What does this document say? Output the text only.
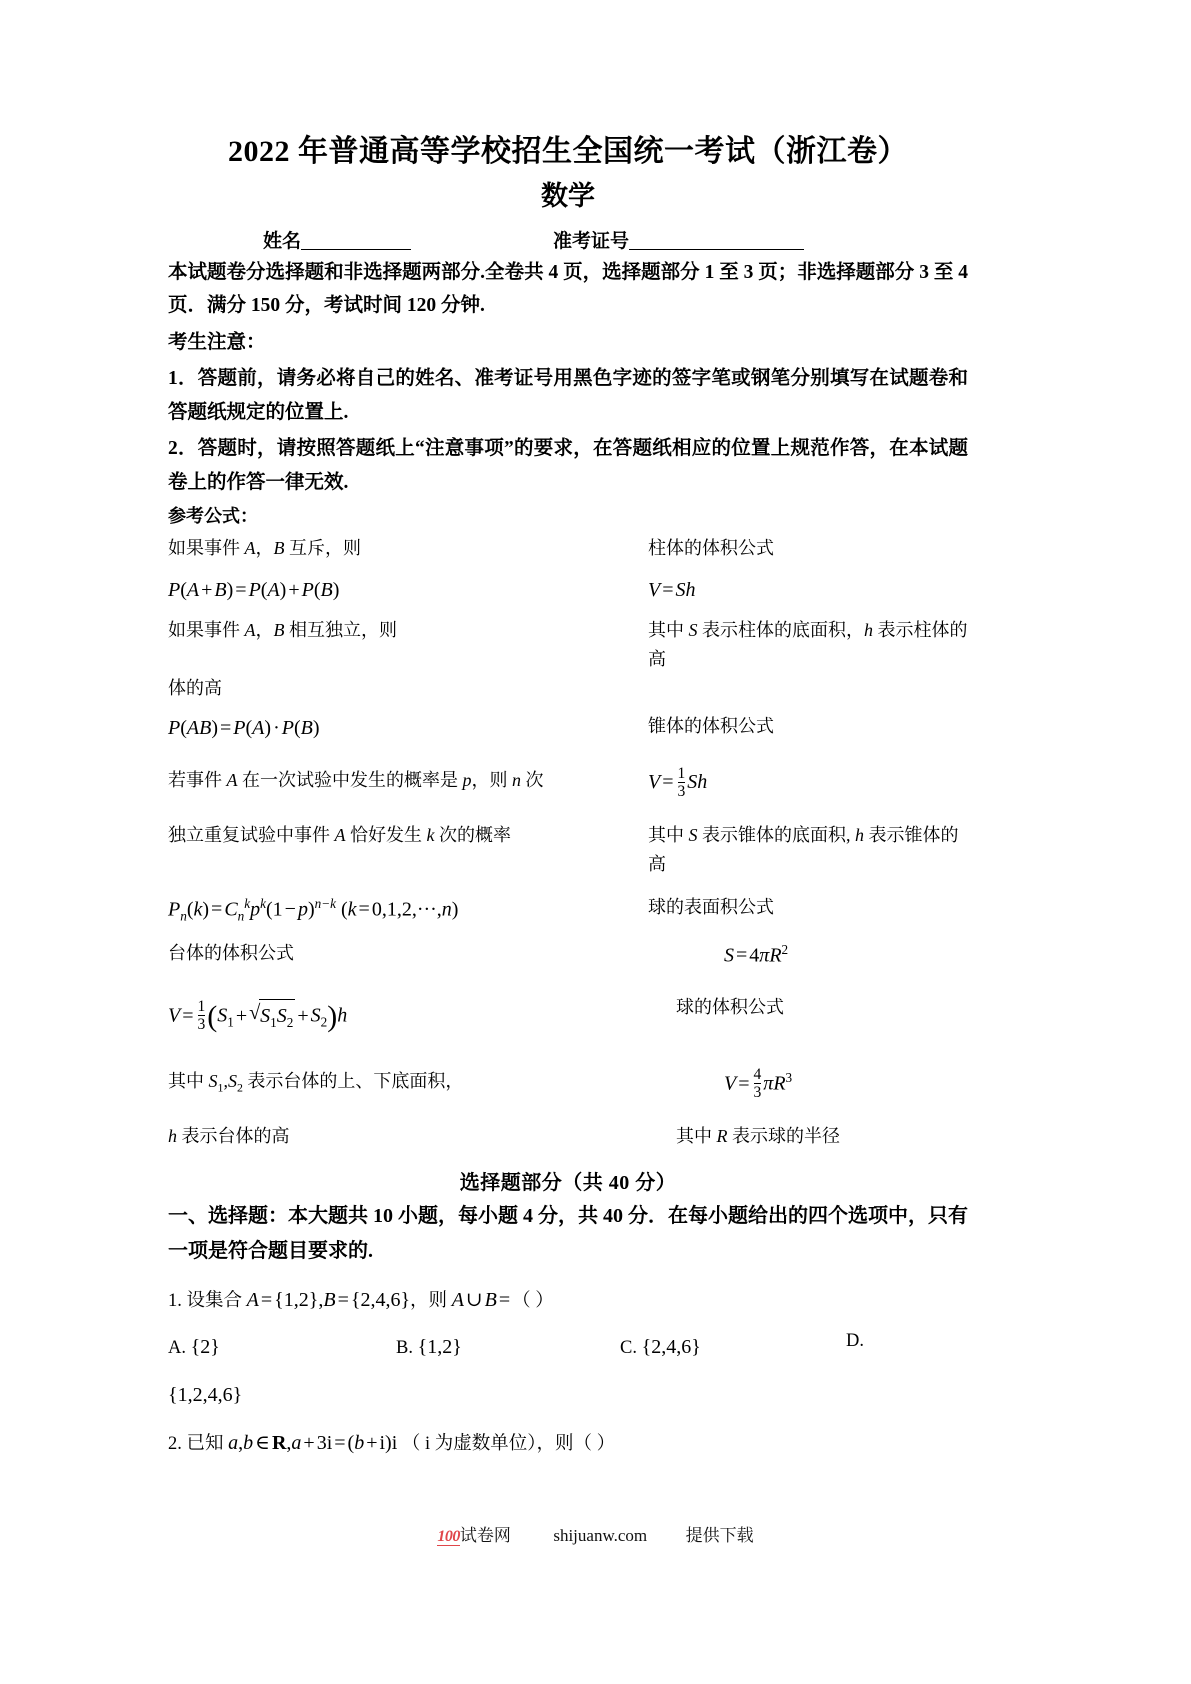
2022 年普通高等学校招生全国统一考试（浙江卷）
数学
姓名	准考证号
本试题卷分选择题和非选择题两部分.全卷共 4 页，选择题部分 1 至 3 页；非选择题部分 3 至 4 页．满分 150 分，考试时间 120 分钟.
考生注意：
1．答题前，请务必将自己的姓名、准考证号用黑色字迹的签字笔或钢笔分别填写在试题卷和答题纸规定的位置上.
2．答题时，请按照答题纸上“注意事项”的要求，在答题纸相应的位置上规范作答，在本试题卷上的作答一律无效.
参考公式：
如果事件 A，B 互斥，则	柱体的体积公式
P(A + B) = P(A) + P(B)	V = Sh
如果事件 A，B 相互独立，则	其中 S 表示柱体的底面积，h 表示柱体的高
体的高

P(AB) = P(A) · P(B)	锥体的体积公式
若事件 A 在一次试验中发生的概率是 p，则 n 次	$V = \frac{1}{3}$ Sh
独立重复试验中事件 A 恰好发生 k 次的概率	其中 S 表示锥体的底面积, h 表示锥体的高
$P_n(k) = C_n^kp^k(1 - p)^{n-k}$ (k = 0,1,2,···,n)	球的表面积公式
台体的体积公式	$S = 4\pi R^2$
$V = \frac{1}{3} (S_1$ + √ $S_1S_2 + S_2)h$	球的体积公式
其中 $S_1,S_2$ 表示台体的上、下底面积，	$V = \frac{4}{3} \pi R^3$
h 表示台体的高	其中 R 表示球的半径
选择题部分（共 40 分）
一、选择题：本大题共 10 小题，每小题 4 分，共 40 分．在每小题给出的四个选项中，只有一项是符合题目要求的.
1. 设集合 A = {1,2},B = {2,4,6}，则 A ∪ B = （ ）
A. {2}	B. {1,2}	C. {2,4,6}	D.
{1,2,4,6}
2. 已知 a,b ∈ R,a + 3i = (b + i)i （ i 为虚数单位），则（ ）
100试卷网	shijuanw.com 提供下载
